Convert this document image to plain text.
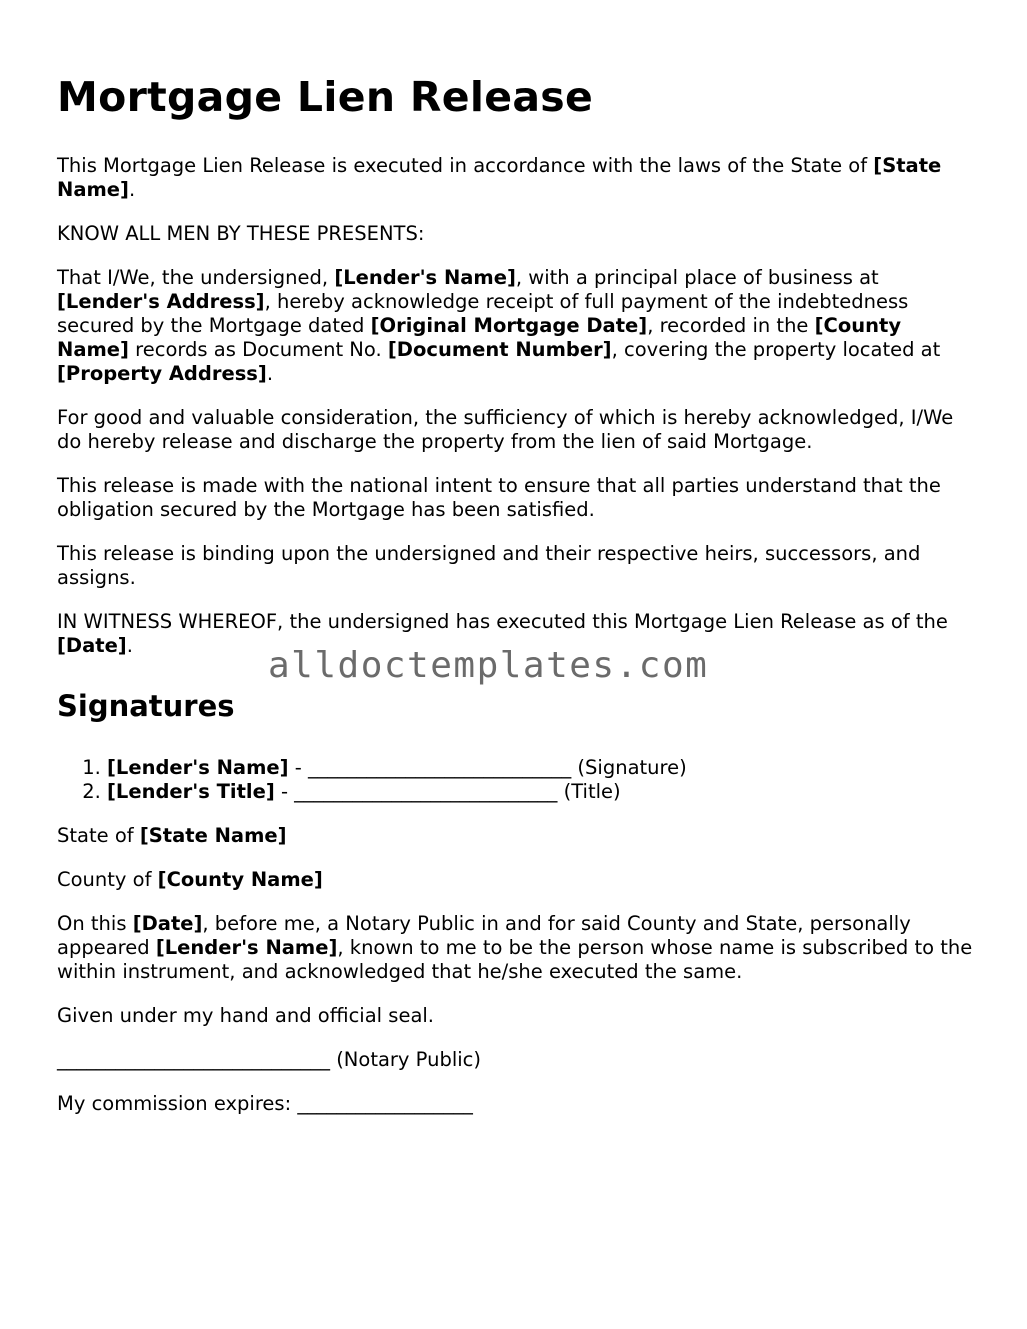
Mortgage Lien Release

This Mortgage Lien Release is executed in accordance with the laws of the State of [State Name].

KNOW ALL MEN BY THESE PRESENTS:

That I/We, the undersigned, [Lender's Name], with a principal place of business at [Lender's Address], hereby acknowledge receipt of full payment of the indebtedness secured by the Mortgage dated [Original Mortgage Date], recorded in the [County Name] records as Document No. [Document Number], covering the property located at [Property Address].

For good and valuable consideration, the sufficiency of which is hereby acknowledged, I/We do hereby release and discharge the property from the lien of said Mortgage.

This release is made with the national intent to ensure that all parties understand that the obligation secured by the Mortgage has been satisfied.

This release is binding upon the undersigned and their respective heirs, successors, and assigns.

IN WITNESS WHEREOF, the undersigned has executed this Mortgage Lien Release as of the [Date].

Signatures
1. [Lender's Name] - ___________________________ (Signature)
2. [Lender's Title] - ___________________________ (Title)

State of [State Name]

County of [County Name]

On this [Date], before me, a Notary Public in and for said County and State, personally appeared [Lender's Name], known to me to be the person whose name is subscribed to the within instrument, and acknowledged that he/she executed the same.

Given under my hand and official seal.

____________________________ (Notary Public)

My commission expires: __________________

alldoctemplates.com
